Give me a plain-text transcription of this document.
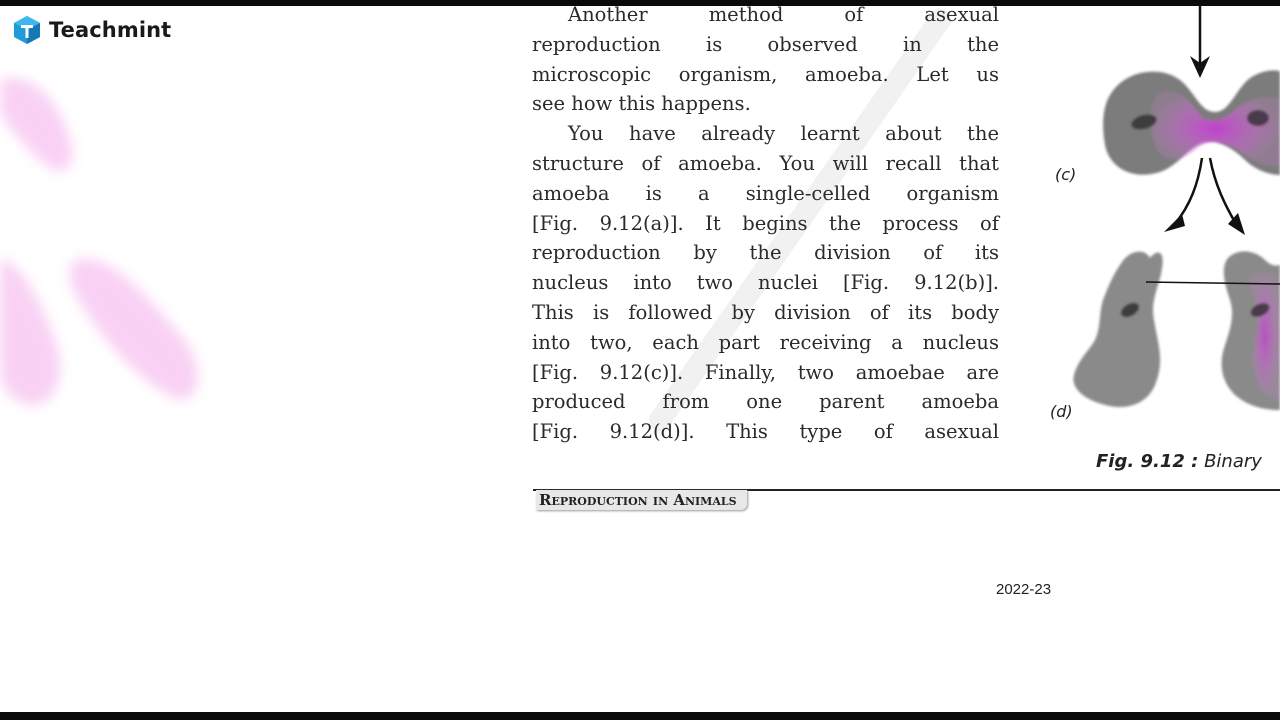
Teachmint
Another method of asexual
reproduction is observed in the
microscopic organism, amoeba. Let us
see how this happens.
You have already learnt about the
structure of amoeba. You will recall that
amoeba is a single-celled organism
[Fig. 9.12(a)]. It begins the process of
reproduction by the division of its
nucleus into two nuclei [Fig. 9.12(b)].
This is followed by division of its body
into two, each part receiving a nucleus
[Fig. 9.12(c)]. Finally, two amoebae are
produced from one parent amoeba
[Fig. 9.12(d)]. This type of asexual
(c)
(d)
Fig. 9.12 : Binary
Reproduction in Animals
2022-23
